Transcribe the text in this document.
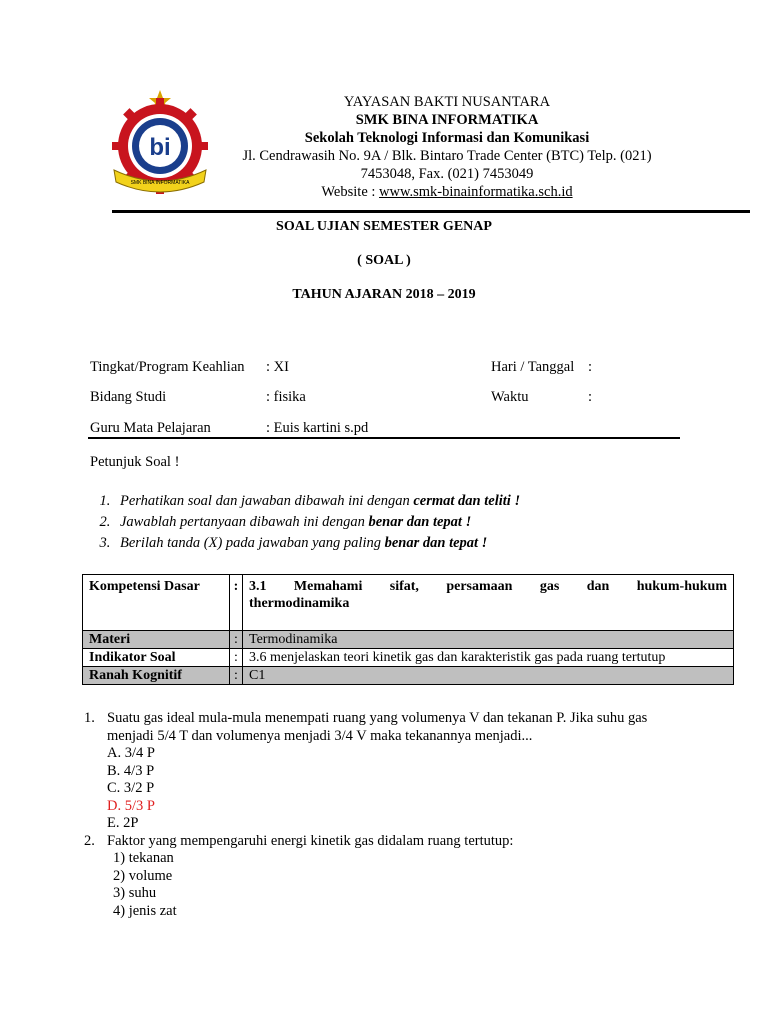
bi
SMK BINA INFORMATIKA
YAYASAN BAKTI NUSANTARA
SMK BINA INFORMATIKA
Sekolah Teknologi Informasi dan Komunikasi
Jl. Cendrawasih No. 9A / Blk. Bintaro Trade Center (BTC) Telp. (021)
7453048, Fax. (021) 7453049
Website : www.smk-binainformatika.sch.id
SOAL UJIAN SEMESTER GENAP
( SOAL )
TAHUN AJARAN 2018 – 2019
Tingkat/Program Keahlian : XI	Hari / Tanggal :
Bidang Studi	: fisika	Waktu	:
Guru Mata Pelajaran	: Euis kartini s.pd
Petunjuk Soal !
1. Perhatikan soal dan jawaban dibawah ini dengan cermat dan teliti !
2. Jawablah pertanyaan dibawah ini dengan benar dan tepat !
3. Berilah tanda (X) pada jawaban yang paling benar dan tepat !
Kompetensi Dasar	:	3.1 Memahami sifat, persamaan gas dan hukum-hukum
thermodinamika

Materi	:	Termodinamika
Indikator Soal	:	3.6 menjelaskan teori kinetik gas dan karakteristik gas pada ruang tertutup
Ranah Kognitif	:	C1
1. Suatu gas ideal mula-mula menempati ruang yang volumenya V dan tekanan P. Jika suhu gas
menjadi 5/4 T dan volumenya menjadi 3/4 V maka tekanannya menjadi...
A. 3/4 P
B. 4/3 P
C. 3/2 P
D. 5/3 P
E. 2P
2. Faktor yang mempengaruhi energi kinetik gas didalam ruang tertutup:
1) tekanan
2) volume
3) suhu
4) jenis zat
